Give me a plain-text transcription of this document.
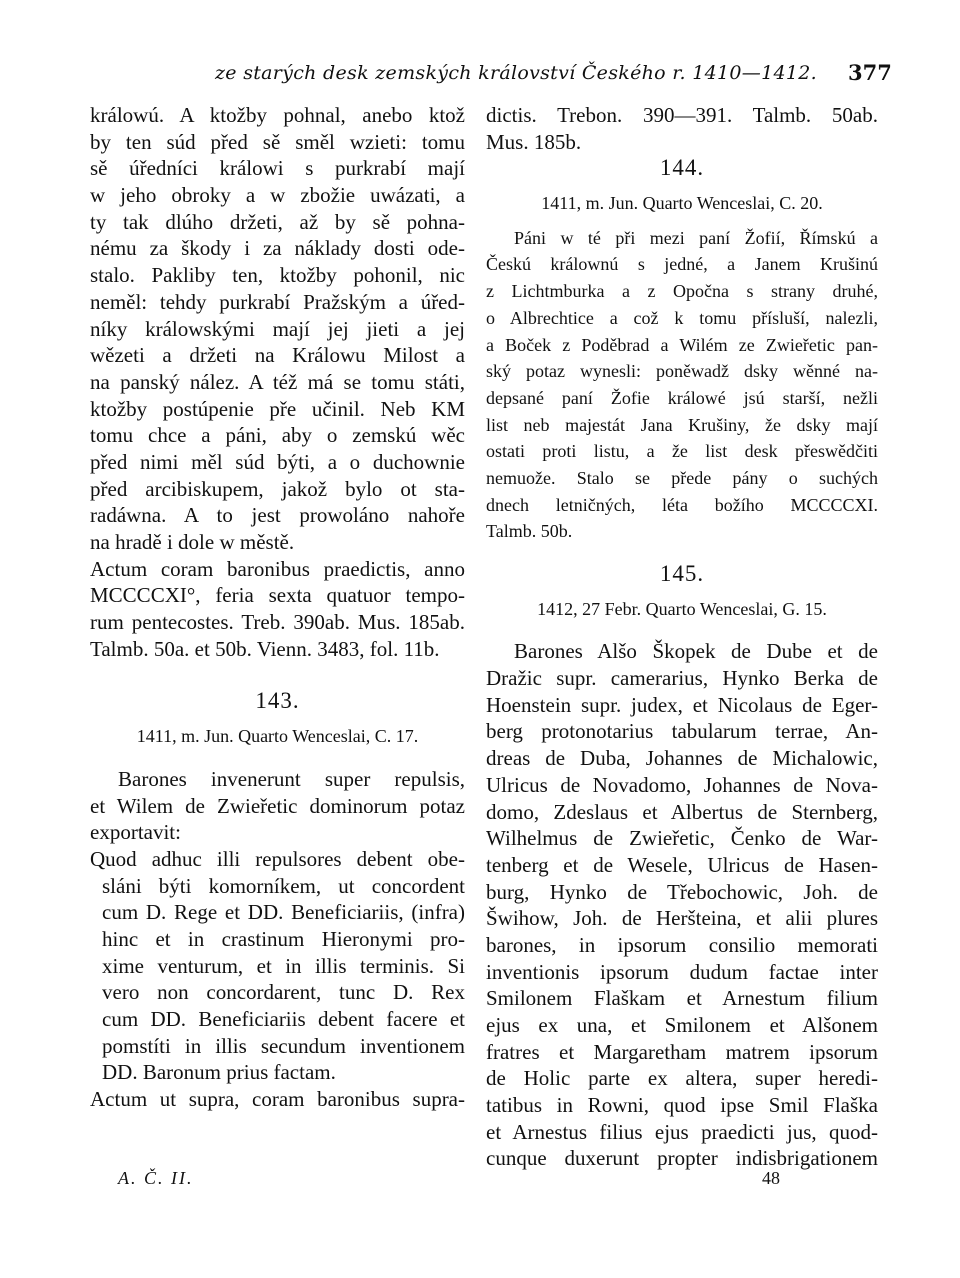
ze starých desk zemských království Českého r. 1410—1412. 377
králowú. A ktožby pohnal, anebo ktož
by ten súd před sě směl wzieti: tomu
sě úředníci králowi s purkrabí mají
w jeho obroky a w zbožie uwázati, a
ty tak dlúho držeti, až by sě pohna-
nému za škody i za náklady dosti ode-
stalo. Pakliby ten, ktožby pohonil, nic
neměl: tehdy purkrabí Pražským a úřed-
níky králowskými mají jej jieti a jej
wězeti a držeti na Králowu Milost a
na panský nález. A též má se tomu státi,
ktožby postúpenie pře učinil. Neb KM
tomu chce a páni, aby o zemskú wěc
před nimi měl súd býti, a o duchownie
před arcibiskupem, jakož bylo ot sta-
radáwna. A to jest prowoláno nahoře
na hradě i dole w městě.
Actum coram baronibus praedictis, anno
MCCCCXI°, feria sexta quatuor tempo-
rum pentecostes. Treb. 390ab. Mus. 185ab.
Talmb. 50a. et 50b. Vienn. 3483, fol. 11b.
143.
1411, m. Jun. Quarto Wenceslai, C. 17.
Barones invenerunt super repulsis,
et Wilem de Zwieřetic dominorum potaz
exportavit:
Quod adhuc illi repulsores debent obe-
sláni býti komorníkem, ut concordent
cum D. Rege et DD. Beneficiariis, (infra)
hinc et in crastinum Hieronymi pro-
xime venturum, et in illis terminis. Si
vero non concordarent, tunc D. Rex
cum DD. Beneficiariis debent facere et
pomstíti in illis secundum inventionem
DD. Baronum prius factam.
Actum ut supra, coram baronibus supra-
dictis. Trebon. 390—391. Talmb. 50ab.
Mus. 185b.
144.
1411, m. Jun. Quarto Wenceslai, C. 20.
Páni w té při mezi paní Žofií, Římskú a
Českú králownú s jedné, a Janem Krušinú
z Lichtmburka a z Opočna s strany druhé,
o Albrechtice a což k tomu přísluší, nalezli,
a Boček z Poděbrad a Wilém ze Zwieřetic pan-
ský potaz wynesli: poněwadž dsky wěnné na-
depsané paní Žofie králowé jsú starší, nežli
list neb majestát Jana Krušiny, že dsky mají
ostati proti listu, a že list desk přeswědčiti
nemuože. Stalo se přede pány o suchých
dnech letničných, léta božího MCCCCXI.
Talmb. 50b.
145.
1412, 27 Febr. Quarto Wenceslai, G. 15.
Barones Alšo Škopek de Dube et de
Dražic supr. camerarius, Hynko Berka de
Hoenstein supr. judex, et Nicolaus de Eger-
berg protonotarius tabularum terrae, An-
dreas de Duba, Johannes de Michalowic,
Ulricus de Novadomo, Johannes de Nova-
domo, Zdeslaus et Albertus de Sternberg,
Wilhelmus de Zwieřetic, Čenko de War-
tenberg et de Wesele, Ulricus de Hasen-
burg, Hynko de Třebochowic, Joh. de
Šwihow, Joh. de Heršteina, et alii plures
barones, in ipsorum consilio memorati
inventionis ipsorum dudum factae inter
Smilonem Flaškam et Arnestum filium
ejus ex una, et Smilonem et Alšonem
fratres et Margaretham matrem ipsorum
de Holic parte ex altera, super heredi-
tatibus in Rowni, quod ipse Smil Flaška
et Arnestus filius ejus praedicti jus, quod-
cunque duxerunt propter indisbrigationem
A. Č. II.	48
